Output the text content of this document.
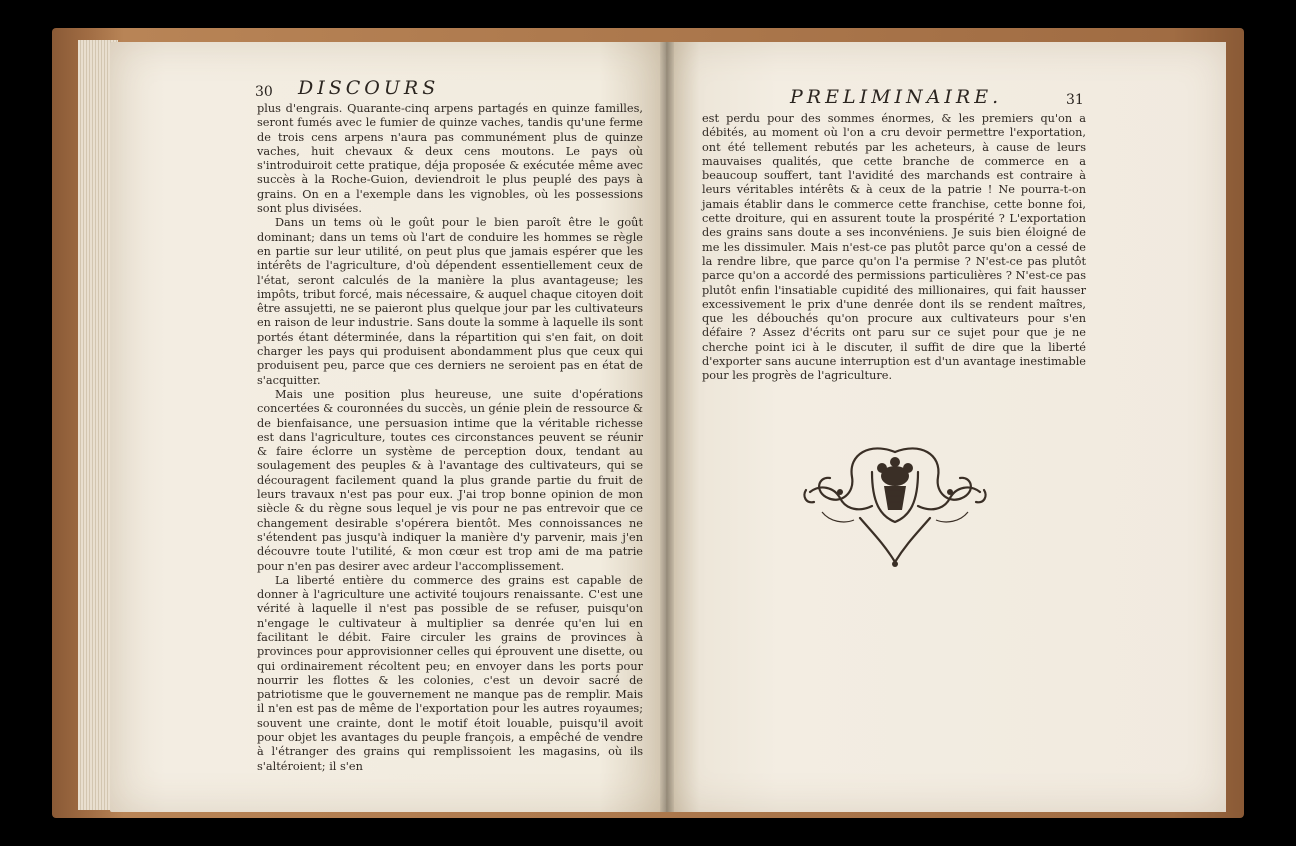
30 DISCOURS

plus d'engrais. Quarante-cinq arpens partagés en quinze familles, seront fumés avec le fumier de quinze vaches, tandis qu'une ferme de trois cens arpens n'aura pas communément plus de quinze vaches, huit chevaux & deux cens moutons. Le pays où s'introduiroit cette pratique, déja proposée & exécutée même avec succès à la Roche-Guion, deviendroit le plus peuplé des pays à grains. On en a l'exemple dans les vignobles, où les possessions sont plus divisées.

Dans un tems où le goût pour le bien paroît être le goût dominant; dans un tems où l'art de conduire les hommes se règle en partie sur leur utilité, on peut plus que jamais espérer que les intérêts de l'agriculture, d'où dépendent essentiellement ceux de l'état, seront calculés de la manière la plus avantageuse; les impôts, tribut forcé, mais nécessaire, & auquel chaque citoyen doit être assujetti, ne se paieront plus quelque jour par les cultivateurs en raison de leur industrie. Sans doute la somme à laquelle ils sont portés étant déterminée, dans la répartition qui s'en fait, on doit charger les pays qui produisent abondamment plus que ceux qui produisent peu, parce que ces derniers ne seroient pas en état de s'acquitter.

Mais une position plus heureuse, une suite d'opérations concertées & couronnées du succès, un génie plein de ressource & de bienfaisance, une persuasion intime que la véritable richesse est dans l'agriculture, toutes ces circonstances peuvent se réunir & faire éclorre un système de perception doux, tendant au soulagement des peuples & à l'avantage des cultivateurs, qui se découragent facilement quand la plus grande partie du fruit de leurs travaux n'est pas pour eux. J'ai trop bonne opinion de mon siècle & du règne sous lequel je vis pour ne pas entrevoir que ce changement desirable s'opérera bientôt. Mes connoissances ne s'étendent pas jusqu'à indiquer la manière d'y parvenir, mais j'en découvre toute l'utilité, & mon cœur est trop ami de ma patrie pour n'en pas desirer avec ardeur l'accomplissement.

La liberté entière du commerce des grains est capable de donner à l'agriculture une activité toujours renaissante. C'est une vérité à laquelle il n'est pas possible de se refuser, puisqu'on n'engage le cultivateur à multiplier sa denrée qu'en lui en facilitant le débit. Faire circuler les grains de provinces à provinces pour approvisionner celles qui éprouvent une disette, ou qui ordinairement récoltent peu; en envoyer dans les ports pour nourrir les flottes & les colonies, c'est un devoir sacré de patriotisme que le gouvernement ne manque pas de remplir. Mais il n'en est pas de même de l'exportation pour les autres royaumes; souvent une crainte, dont le motif étoit louable, puisqu'il avoit pour objet les avantages du peuple françois, a empêché de vendre à l'étranger des grains qui remplissoient les magasins, où ils s'altéroient; il s'en

PRELIMINAIRE.	31

est perdu pour des sommes énormes, & les premiers qu'on a débités, au moment où l'on a cru devoir permettre l'exportation, ont été tellement rebutés par les acheteurs, à cause de leurs mauvaises qualités, que cette branche de commerce en a beaucoup souffert, tant l'avidité des marchands est contraire à leurs véritables intérêts & à ceux de la patrie ! Ne pourra-t-on jamais établir dans le commerce cette franchise, cette bonne foi, cette droiture, qui en assurent toute la prospérité ? L'exportation des grains sans doute a ses inconvéniens. Je suis bien éloigné de me les dissimuler. Mais n'est-ce pas plutôt parce qu'on a cessé de la rendre libre, que parce qu'on l'a permise ? N'est-ce pas plutôt parce qu'on a accordé des permissions particulières ? N'est-ce pas plutôt enfin l'insatiable cupidité des millionaires, qui fait hausser excessivement le prix d'une denrée dont ils se rendent maîtres, que les débouchés qu'on procure aux cultivateurs pour s'en défaire ? Assez d'écrits ont paru sur ce sujet pour que je ne cherche point ici à le discuter, il suffit de dire que la liberté d'exporter sans aucune interruption est d'un avantage inestimable pour les progrès de l'agriculture.
